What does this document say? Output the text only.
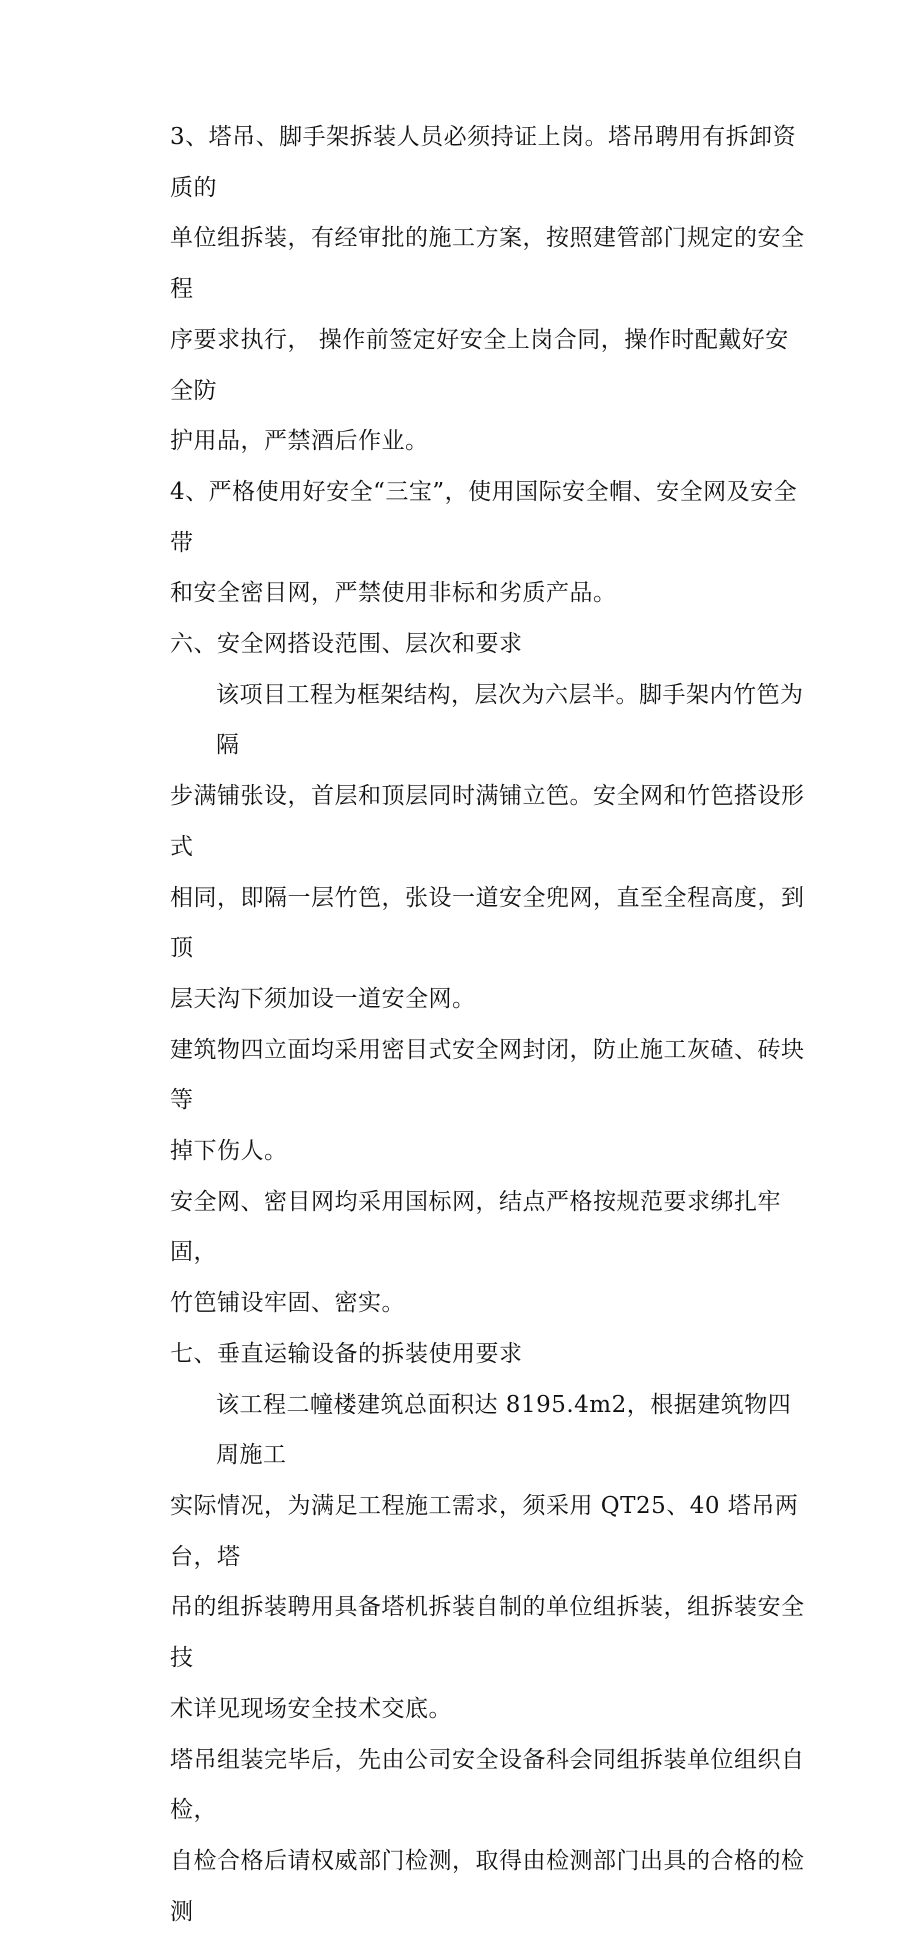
3、塔吊、脚手架拆装人员必须持证上岗。塔吊聘用有拆卸资质的
单位组拆装，有经审批的施工方案，按照建管部门规定的安全程
序要求执行， 操作前签定好安全上岗合同，操作时配戴好安全防
护用品，严禁酒后作业。
4、严格使用好安全“三宝”，使用国际安全帽、安全网及安全带
和安全密目网，严禁使用非标和劣质产品。
六、安全网搭设范围、层次和要求
该项目工程为框架结构，层次为六层半。脚手架内竹笆为隔
步满铺张设，首层和顶层同时满铺立笆。安全网和竹笆搭设形式
相同，即隔一层竹笆，张设一道安全兜网，直至全程高度，到顶
层天沟下须加设一道安全网。
建筑物四立面均采用密目式安全网封闭，防止施工灰碴、砖块等
掉下伤人。
安全网、密目网均采用国标网，结点严格按规范要求绑扎牢固，
竹笆铺设牢固、密实。
七、垂直运输设备的拆装使用要求
该工程二幢楼建筑总面积达 8195.4m2，根据建筑物四周施工
实际情况，为满足工程施工需求，须采用 QT25、40 塔吊两台，塔
吊的组拆装聘用具备塔机拆装自制的单位组拆装，组拆装安全技
术详见现场安全技术交底。
塔吊组装完毕后，先由公司安全设备科会同组拆装单位组织自检，
自检合格后请权威部门检测，取得由检测部门出具的合格的检测
